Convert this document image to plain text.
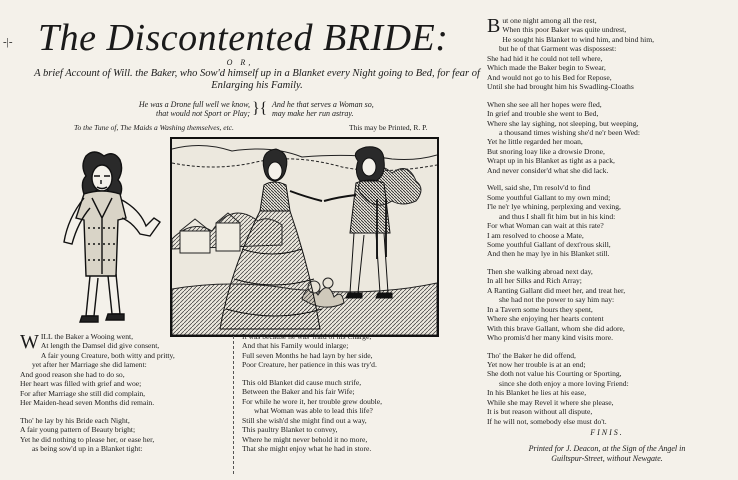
-|- The Discontented BRIDE:
O R,
A brief Account of Will. the Baker, who Sow'd himself up in a Blanket every Night going to Bed, for fear of Enlarging his Family.
He was a Drone full well we know,
that would not Sport or Play; }{ And he that serves a Woman so,
may make her run astray.
To the Tune of, The Maids a Washing themselves, etc.	This may be Printed, R. P.

WILL the Baker a Wooing went,

At length the Damsel did give consent,

A fair young Creature, both witty and pritty,

yet after her Marriage she did lament:

And good reason she had to do so,

Her heart was filled with grief and woe;

For after Marriage she still did complain,

Her Maiden-head seven Months did remain.

Tho' he lay by his Bride each Night,

A fair young pattern of Beauty bright;

Yet he did nothing to please her, or ease her,

as being sow'd up in a Blanket tight:

It was because he was 'fraid of his Charge,

And that his Family would inlarge;

Full seven Months he had layn by her side,

Poor Creature, her patience in this was try'd.

This old Blanket did cause much strife,

Between the Baker and his fair Wife;

For while he wore it, her trouble grew double,

what Woman was able to lead this life?

Still she wish'd she might find out a way,

This paultry Blanket to convey,

Where he might never behold it no more,

That she might enjoy what he had in store.

But one night among all the rest,

When this poor Baker was quite undrest,

He sought his Blanket to wind him, and bind him,

but he of that Garment was dispossest:

She had hid it he could not tell where,

Which made the Baker begin to Swear,

And would not go to his Bed for Repose,

Until she had brought him his Swadling-Cloaths

When she see all her hopes were fled,

In grief and trouble she went to Bed,

Where she lay sighing, not sleeping, but weeping,

a thousand times wishing she'd ne'r been Wed:

Yet he little regarded her moan,

But snoring loay like a drowsie Drone,

Wrapt up in his Blanket as tight as a pack,

And never consider'd what she did lack.

Well, said she, I'm resolv'd to find

Some youthful Gallant to my own mind;

I'le ne'r lye whining, perplexing and vexing,

and thus I shall fit him but in his kind:

For what Woman can wait at this rate?

I am resolved to choose a Mate,

Some youthful Gallant of dext'rous skill,

And then he may lye in his Blanket still.

Then she walking abroad next day,

In all her Silks and Rich Array;

A Ranting Gallant did meet her, and treat her,

she had not the power to say him nay:

In a Tavern some hours they spent,

Where she enjoying her hearts content

With this brave Gallant, whom she did adore,

Who promis'd her many kind visits more.

Tho' the Baker he did offend,

Yet now her trouble is at an end;

She doth not value his Courting or Sporting,

since she doth enjoy a more loving Friend:

In his Blanket he lies at his ease,

While she may Revel it where she please,

It is but reason without all dispute,

If he will not, somebody else must do't.

FINIS.
Printed for J. Deacon, at the Sign of the Angel in
Guiltspur-Street, without Newgate.
